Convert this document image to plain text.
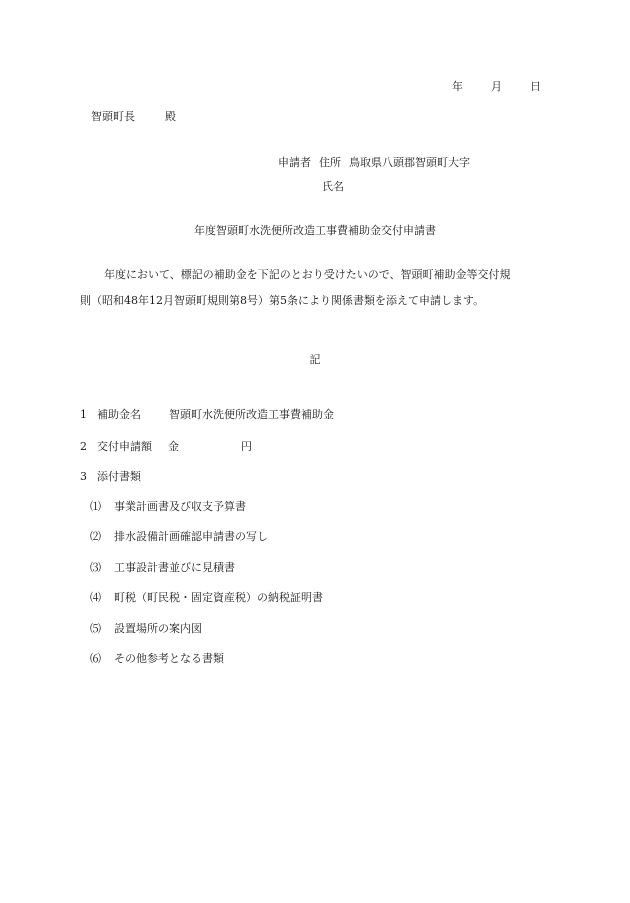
年	月	日
智頭町長	殿
申請者 住所 鳥取県八頭郡智頭町大字
氏名
年度智頭町水洗便所改造工事費補助金交付申請書
年度において、標記の補助金を下記のとおり受けたいので、智頭町補助金等交付規
則（昭和48年12月智頭町規則第8号）第5条により関係書類を添えて申請します。
記
1 補助金名	智頭町水洗便所改造工事費補助金
2 交付申請額 金	円
3 添付書類
⑴ 事業計画書及び収支予算書
⑵ 排水設備計画確認申請書の写し
⑶ 工事設計書並びに見積書
⑷ 町税（町民税・固定資産税）の納税証明書
⑸ 設置場所の案内図
⑹ その他参考となる書類
